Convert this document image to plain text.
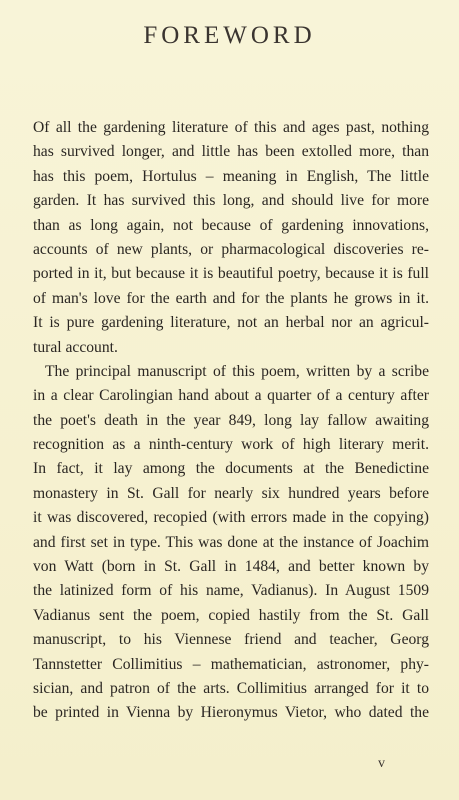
FOREWORD
Of all the gardening literature of this and ages past, nothing
has survived longer, and little has been extolled more, than
has this poem, Hortulus – meaning in English, The little
garden. It has survived this long, and should live for more
than as long again, not because of gardening innovations,
accounts of new plants, or pharmacological discoveries re-
ported in it, but because it is beautiful poetry, because it is full
of man's love for the earth and for the plants he grows in it.
It is pure gardening literature, not an herbal nor an agricul-
tural account.
The principal manuscript of this poem, written by a scribe
in a clear Carolingian hand about a quarter of a century after
the poet's death in the year 849, long lay fallow awaiting
recognition as a ninth-century work of high literary merit.
In fact, it lay among the documents at the Benedictine
monastery in St. Gall for nearly six hundred years before
it was discovered, recopied (with errors made in the copying)
and first set in type. This was done at the instance of Joachim
von Watt (born in St. Gall in 1484, and better known by
the latinized form of his name, Vadianus). In August 1509
Vadianus sent the poem, copied hastily from the St. Gall
manuscript, to his Viennese friend and teacher, Georg
Tannstetter Collimitius – mathematician, astronomer, phy-
sician, and patron of the arts. Collimitius arranged for it to
be printed in Vienna by Hieronymus Vietor, who dated the
v
